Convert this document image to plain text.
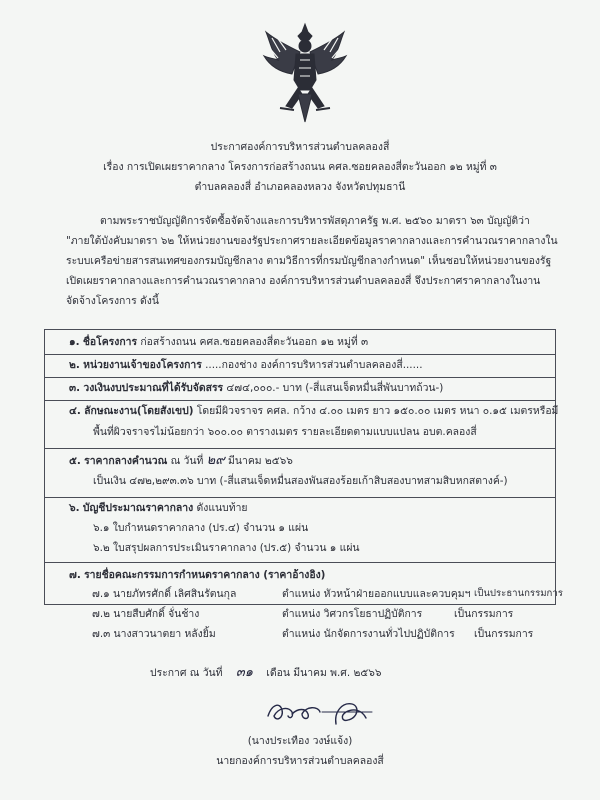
ประกาศองค์การบริหารส่วนตำบลคลองสี่
เรื่อง การเปิดเผยราคากลาง โครงการก่อสร้างถนน คศล.ซอยคลองสี่ตะวันออก ๑๒ หมู่ที่ ๓
ตำบลคลองสี่ อำเภอคลองหลวง จังหวัดปทุมธานี
ตามพระราชบัญญัติการจัดซื้อจัดจ้างและการบริหารพัสดุภาครัฐ พ.ศ. ๒๕๖๐ มาตรา ๖๓ บัญญัติว่า
"ภายใต้บังคับมาตรา ๖๒ ให้หน่วยงานของรัฐประกาศรายละเอียดข้อมูลราคากลางและการคำนวณราคากลางใน
ระบบเครือข่ายสารสนเทศของกรมบัญชีกลาง ตามวิธีการที่กรมบัญชีกลางกำหนด" เห็นชอบให้หน่วยงานของรัฐ
เปิดเผยราคากลางและการคำนวณราคากลาง องค์การบริหารส่วนตำบลคลองสี่ จึงประกาศราคากลางในงาน
จัดจ้างโครงการ ดังนี้
๑. ชื่อโครงการ ก่อสร้างถนน คศล.ซอยคลองสี่ตะวันออก ๑๒ หมู่ที่ ๓
๒. หน่วยงานเจ้าของโครงการ .....กองช่าง องค์การบริหารส่วนตำบลคลองสี่......
๓. วงเงินงบประมาณที่ได้รับจัดสรร ๔๗๔,๐๐๐.- บาท (-สี่แสนเจ็ดหมื่นสี่พันบาทถ้วน-)
๔. ลักษณะงาน(โดยสังเขป) โดยมีผิวจราจร คศล. กว้าง ๔.๐๐ เมตร ยาว ๑๕๐.๐๐ เมตร หนา ๐.๑๕ เมตรหรือมี
พื้นที่ผิวจราจรไม่น้อยกว่า ๖๐๐.๐๐ ตารางเมตร รายละเอียดตามแบบแปลน อบต.คลองสี่
๕. ราคากลางคำนวณ ณ วันที่ ๒๙ มีนาคม ๒๕๖๖
เป็นเงิน ๔๗๒,๒๙๓.๓๖ บาท (-สี่แสนเจ็ดหมื่นสองพันสองร้อยเก้าสิบสองบาทสามสิบหกสตางค์-)
๖. บัญชีประมาณราคากลาง ดังแนบท้าย
๖.๑ ใบกำหนดราคากลาง (ปร.๔) จำนวน ๑ แผ่น
๖.๒ ใบสรุปผลการประเมินราคากลาง (ปร.๕) จำนวน ๑ แผ่น
๗. รายชื่อคณะกรรมการกำหนดราคากลาง (ราคาอ้างอิง)
๗.๑ นายภัทรศักดิ์ เลิศสินรัตนกุล	ตำแหน่ง หัวหน้าฝ่ายออกแบบและควบคุมฯ เป็นประธานกรรมการ
๗.๒ นายสืบศักดิ์ จั่นช้าง	ตำแหน่ง วิศวกรโยธาปฏิบัติการ	เป็นกรรมการ
๗.๓ นางสาวนาตยา หลังยิ้ม	ตำแหน่ง นักจัดการงานทั่วไปปฏิบัติการ เป็นกรรมการ
ประกาศ ณ วันที่ ๓๑ เดือน มีนาคม พ.ศ. ๒๕๖๖
(นางประเทือง วงษ์แจ้ง)
นายกองค์การบริหารส่วนตำบลคลองสี่
